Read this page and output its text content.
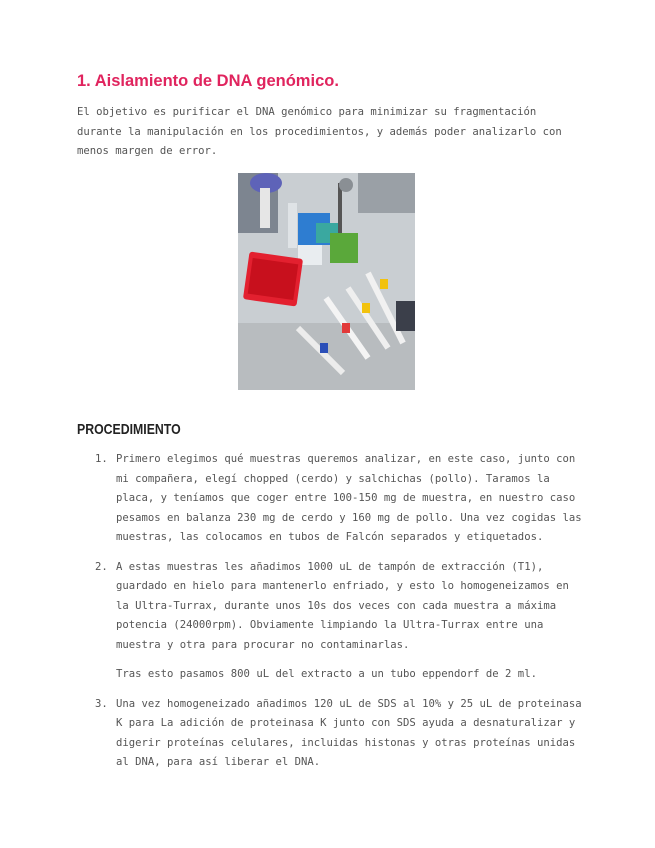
1. Aislamiento de DNA genómico.

El objetivo es purificar el DNA genómico para minimizar su fragmentación durante la manipulación en los procedimientos, y además poder analizarlo con menos margen de error.

PROCEDIMIENTO
1. Primero elegimos qué muestras queremos analizar, en este caso, junto con mi compañera, elegí chopped (cerdo) y salchichas (pollo). Taramos la placa, y teníamos que coger entre 100-150 mg de muestra, en nuestro caso pesamos en balanza 230 mg de cerdo y 160 mg de pollo. Una vez cogidas las muestras, las colocamos en tubos de Falcón separados y etiquetados.

2. A estas muestras les añadimos 1000 uL de tampón de extracción (T1), guardado en hielo para mantenerlo enfriado, y esto lo homogeneizamos en la Ultra-Turrax, durante unos 10s dos veces con cada muestra a máxima potencia (24000rpm). Obviamente limpiando la Ultra-Turrax entre una muestra y otra para procurar no contaminarlas.

Tras esto pasamos 800 uL del extracto a un tubo eppendorf de 2 ml.

3. Una vez homogeneizado añadimos 120 uL de SDS al 10% y 25 uL de proteinasa K para La adición de proteinasa K junto con SDS ayuda a desnaturalizar y digerir proteínas celulares, incluidas histonas y otras proteínas unidas al DNA, para así liberar el DNA.
